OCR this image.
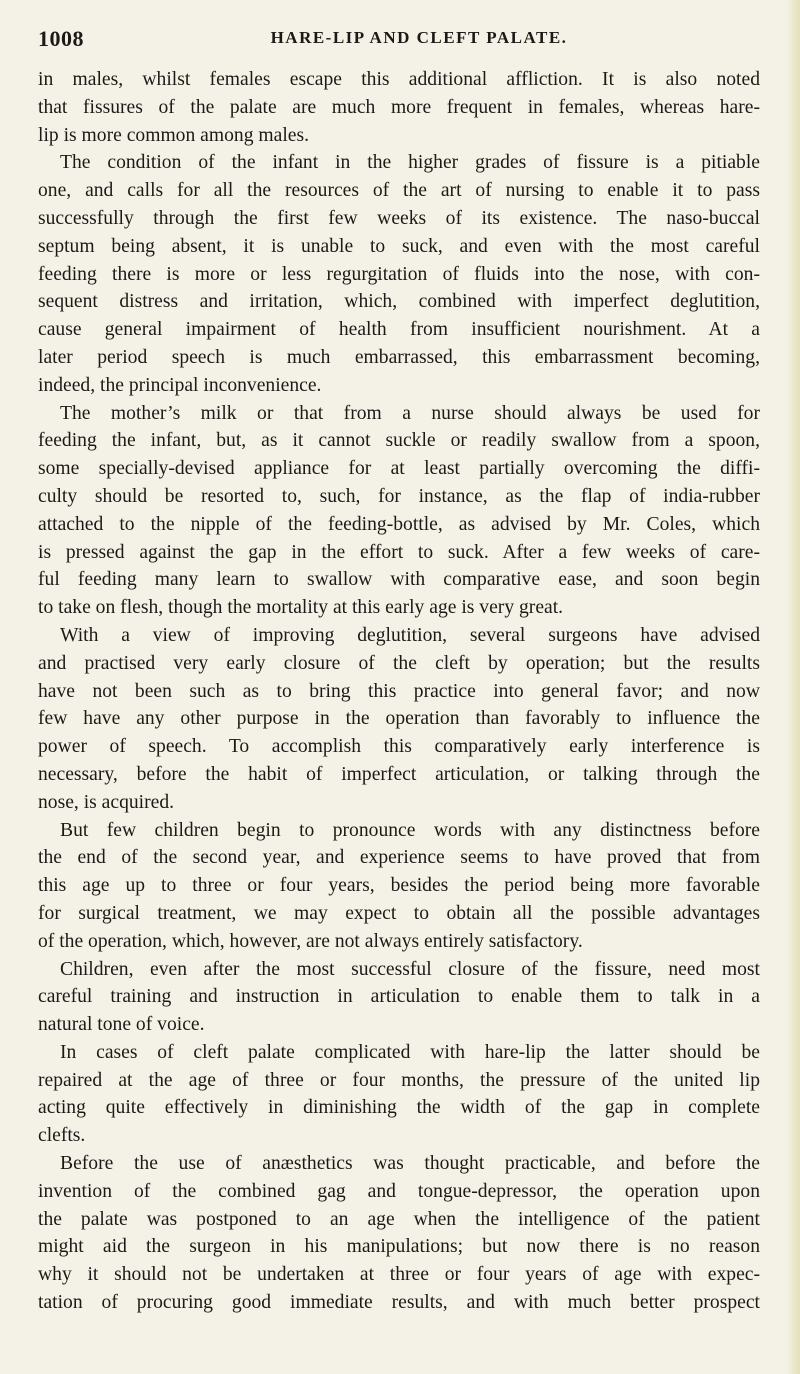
1008	HARE-LIP AND CLEFT PALATE.
in males, whilst females escape this additional affliction. It is also noted
that fissures of the palate are much more frequent in females, whereas hare-
lip is more common among males.
The condition of the infant in the higher grades of fissure is a pitiable
one, and calls for all the resources of the art of nursing to enable it to pass
successfully through the first few weeks of its existence. The naso-buccal
septum being absent, it is unable to suck, and even with the most careful
feeding there is more or less regurgitation of fluids into the nose, with con-
sequent distress and irritation, which, combined with imperfect deglutition,
cause general impairment of health from insufficient nourishment. At a
later period speech is much embarrassed, this embarrassment becoming,
indeed, the principal inconvenience.
The mother’s milk or that from a nurse should always be used for
feeding the infant, but, as it cannot suckle or readily swallow from a spoon,
some specially-devised appliance for at least partially overcoming the diffi-
culty should be resorted to, such, for instance, as the flap of india-rubber
attached to the nipple of the feeding-bottle, as advised by Mr. Coles, which
is pressed against the gap in the effort to suck. After a few weeks of care-
ful feeding many learn to swallow with comparative ease, and soon begin
to take on flesh, though the mortality at this early age is very great.
With a view of improving deglutition, several surgeons have advised
and practised very early closure of the cleft by operation; but the results
have not been such as to bring this practice into general favor; and now
few have any other purpose in the operation than favorably to influence the
power of speech. To accomplish this comparatively early interference is
necessary, before the habit of imperfect articulation, or talking through the
nose, is acquired.
But few children begin to pronounce words with any distinctness before
the end of the second year, and experience seems to have proved that from
this age up to three or four years, besides the period being more favorable
for surgical treatment, we may expect to obtain all the possible advantages
of the operation, which, however, are not always entirely satisfactory.
Children, even after the most successful closure of the fissure, need most
careful training and instruction in articulation to enable them to talk in a
natural tone of voice.
In cases of cleft palate complicated with hare-lip the latter should be
repaired at the age of three or four months, the pressure of the united lip
acting quite effectively in diminishing the width of the gap in complete
clefts.
Before the use of anæsthetics was thought practicable, and before the
invention of the combined gag and tongue-depressor, the operation upon
the palate was postponed to an age when the intelligence of the patient
might aid the surgeon in his manipulations; but now there is no reason
why it should not be undertaken at three or four years of age with expec-
tation of procuring good immediate results, and with much better prospect
